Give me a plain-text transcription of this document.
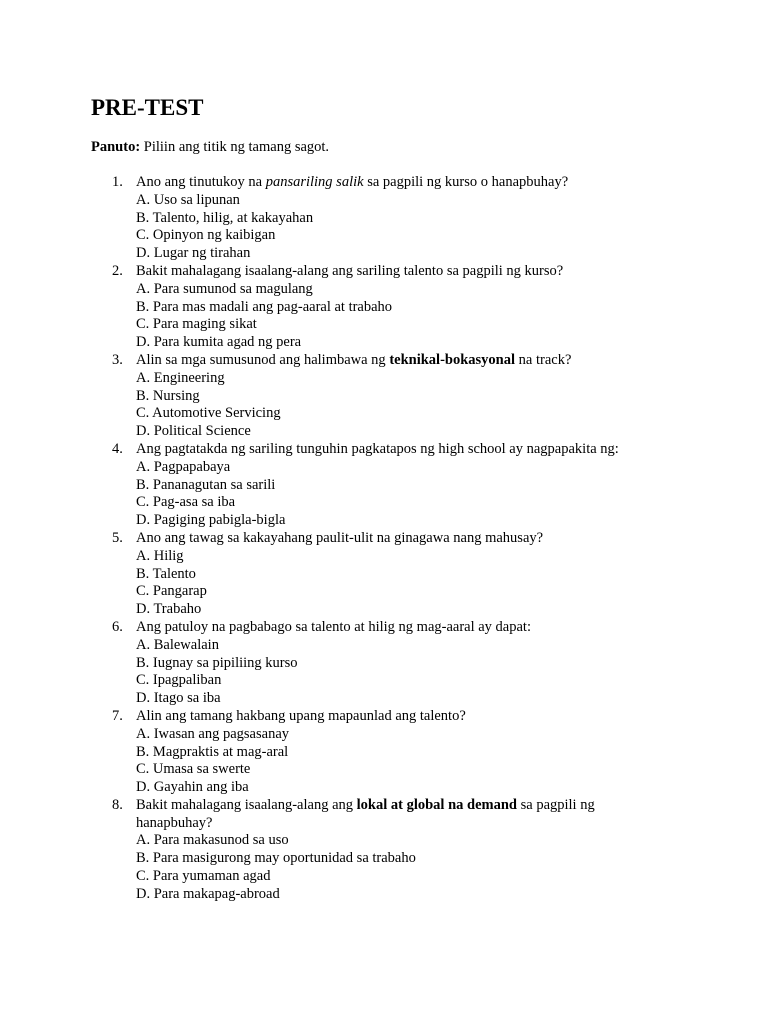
PRE-TEST
Panuto: Piliin ang titik ng tamang sagot.
1. Ano ang tinutukoy na pansariling salik sa pagpili ng kurso o hanapbuhay?
A. Uso sa lipunan
B. Talento, hilig, at kakayahan
C. Opinyon ng kaibigan
D. Lugar ng tirahan
2. Bakit mahalagang isaalang-alang ang sariling talento sa pagpili ng kurso?
A. Para sumunod sa magulang
B. Para mas madali ang pag-aaral at trabaho
C. Para maging sikat
D. Para kumita agad ng pera
3. Alin sa mga sumusunod ang halimbawa ng teknikal-bokasyonal na track?
A. Engineering
B. Nursing
C. Automotive Servicing
D. Political Science
4. Ang pagtatakda ng sariling tunguhin pagkatapos ng high school ay nagpapakita ng:
A. Pagpapabaya
B. Pananagutan sa sarili
C. Pag-asa sa iba
D. Pagiging pabigla-bigla
5. Ano ang tawag sa kakayahang paulit-ulit na ginagawa nang mahusay?
A. Hilig
B. Talento
C. Pangarap
D. Trabaho
6. Ang patuloy na pagbabago sa talento at hilig ng mag-aaral ay dapat:
A. Balewalain
B. Iugnay sa pipiliing kurso
C. Ipagpaliban
D. Itago sa iba
7. Alin ang tamang hakbang upang mapaunlad ang talento?
A. Iwasan ang pagsasanay
B. Magpraktis at mag-aral
C. Umasa sa swerte
D. Gayahin ang iba
8. Bakit mahalagang isaalang-alang ang lokal at global na demand sa pagpili ng
hanapbuhay?
A. Para makasunod sa uso
B. Para masigurong may oportunidad sa trabaho
C. Para yumaman agad
D. Para makapag-abroad
